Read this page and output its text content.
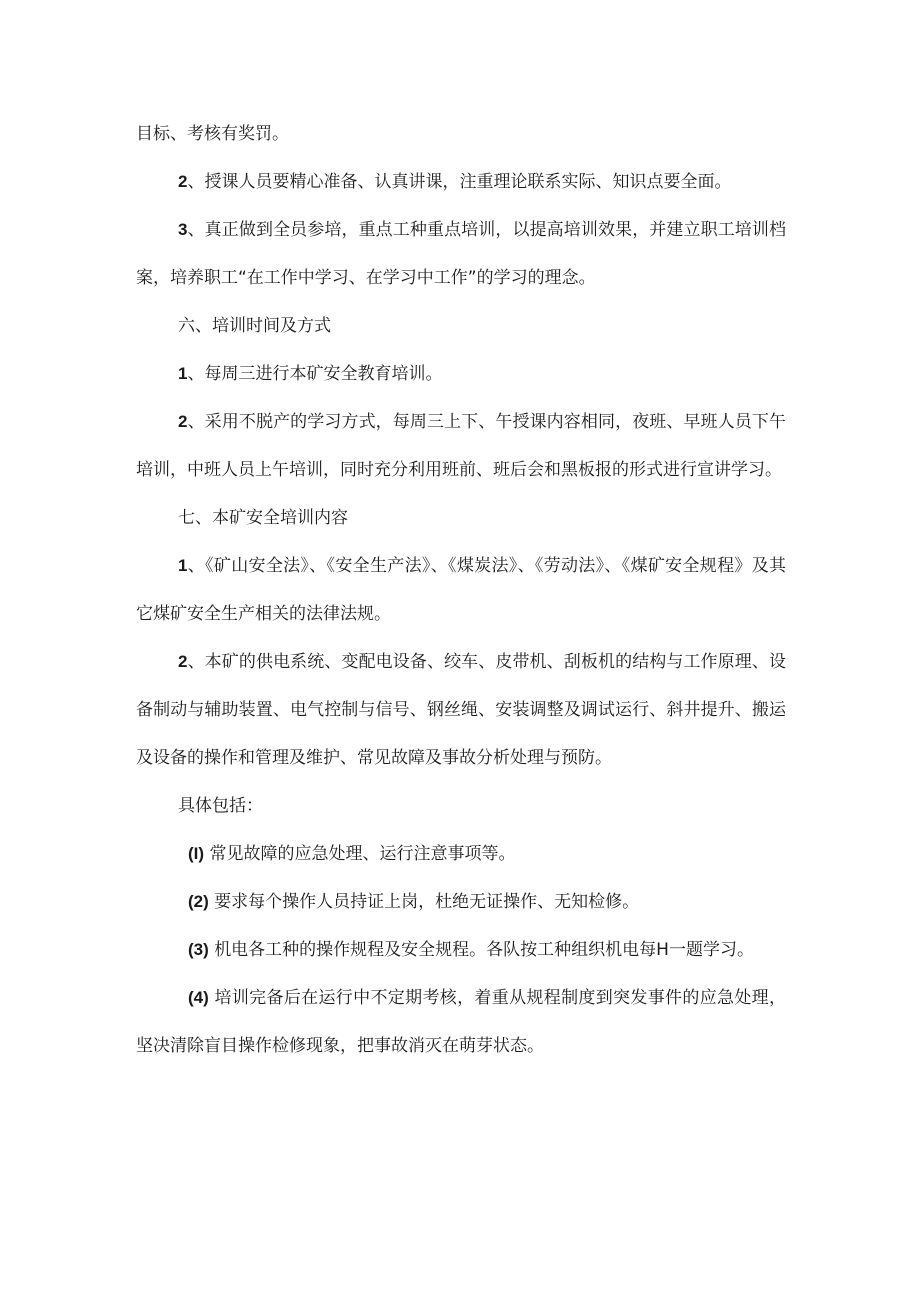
目标、考核有奖罚。

2、授课人员要精心准备、认真讲课，注重理论联系实际、知识点要全面。

3、真正做到全员参培，重点工种重点培训，以提高培训效果，并建立职工培训档案，培养职工“在工作中学习、在学习中工作”的学习的理念。

六、培训时间及方式

1、每周三进行本矿安全教育培训。

2、采用不脱产的学习方式，每周三上下、午授课内容相同，夜班、早班人员下午培训，中班人员上午培训，同时充分利用班前、班后会和黑板报的形式进行宣讲学习。

七、本矿安全培训内容

1、《矿山安全法》、《安全生产法》、《煤炭法》、《劳动法》、《煤矿安全规程》及其它煤矿安全生产相关的法律法规。

2、本矿的供电系统、变配电设备、绞车、皮带机、刮板机的结构与工作原理、设备制动与辅助装置、电气控制与信号、钢丝绳、安装调整及调试运行、斜井提升、搬运及设备的操作和管理及维护、常见故障及事故分析处理与预防。

具体包括：

(I) 常见故障的应急处理、运行注意事项等。

(2) 要求每个操作人员持证上岗，杜绝无证操作、无知检修。

(3) 机电各工种的操作规程及安全规程。各队按工种组织机电每H一题学习。

(4) 培训完备后在运行中不定期考核，着重从规程制度到突发事件的应急处理，坚决清除盲目操作检修现象，把事故消灭在萌芽状态。
